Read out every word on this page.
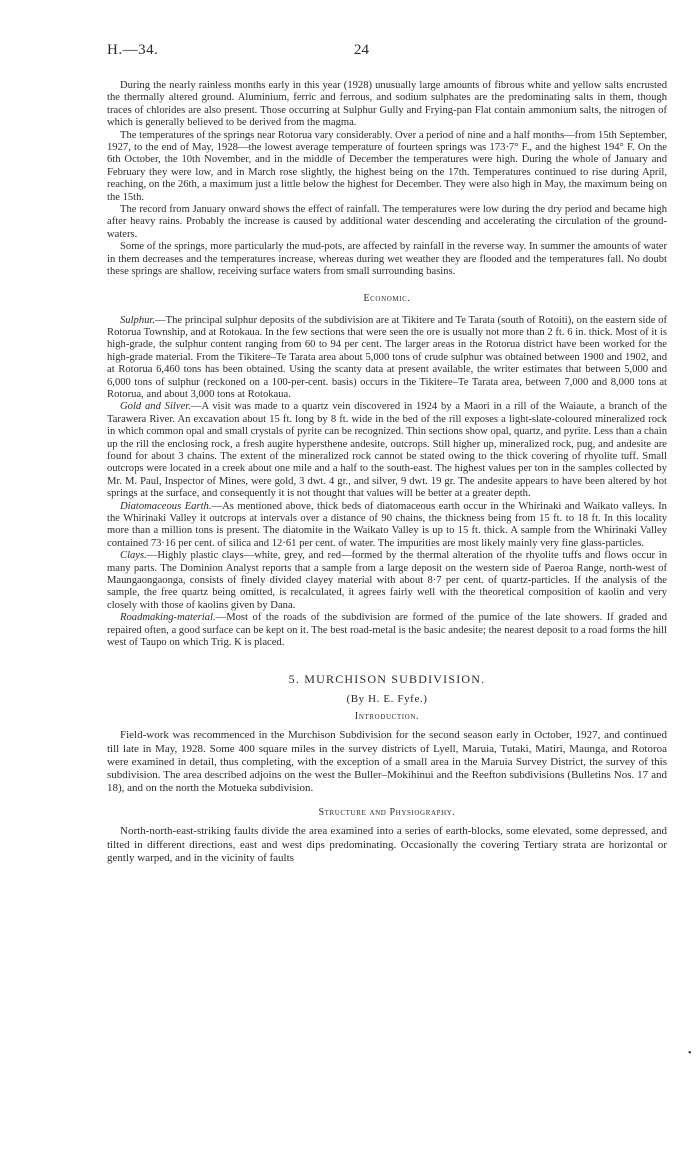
H.—34.	24

During the nearly rainless months early in this year (1928) unusually large amounts of fibrous white and yellow salts encrusted the thermally altered ground. Aluminium, ferric and ferrous, and sodium sulphates are the predominating salts in them, though traces of chlorides are also present. Those occurring at Sulphur Gully and Frying-pan Flat contain ammonium salts, the nitrogen of which is generally believed to be derived from the magma.

The temperatures of the springs near Rotorua vary considerably. Over a period of nine and a half months—from 15th September, 1927, to the end of May, 1928—the lowest average temperature of fourteen springs was 173·7° F., and the highest 194° F. On the 6th October, the 10th November, and in the middle of December the temperatures were high. During the whole of January and February they were low, and in March rose slightly, the highest being on the 17th. Temperatures continued to rise during April, reaching, on the 26th, a maximum just a little below the highest for December. They were also high in May, the maximum being on the 15th.

The record from January onward shows the effect of rainfall. The temperatures were low during the dry period and became high after heavy rains. Probably the increase is caused by additional water descending and accelerating the circulation of the ground-waters.

Some of the springs, more particularly the mud-pots, are affected by rainfall in the reverse way. In summer the amounts of water in them decreases and the temperatures increase, whereas during wet weather they are flooded and the temperatures fall. No doubt these springs are shallow, receiving surface waters from small surrounding basins.

Economic.

Sulphur.—The principal sulphur deposits of the subdivision are at Tikitere and Te Tarata (south of Rotoiti), on the eastern side of Rotorua Township, and at Rotokaua. In the few sections that were seen the ore is usually not more than 2 ft. 6 in. thick. Most of it is high-grade, the sulphur content ranging from 60 to 94 per cent. The larger areas in the Rotorua district have been worked for the high-grade material. From the Tikitere–Te Tarata area about 5,000 tons of crude sulphur was obtained between 1900 and 1902, and at Rotorua 6,460 tons has been obtained. Using the scanty data at present available, the writer estimates that between 5,000 and 6,000 tons of sulphur (reckoned on a 100-per-cent. basis) occurs in the Tikitere–Te Tarata area, between 7,000 and 8,000 tons at Rotorua, and about 3,000 tons at Rotokaua.

Gold and Silver.—A visit was made to a quartz vein discovered in 1924 by a Maori in a rill of the Waiaute, a branch of the Tarawera River. An excavation about 15 ft. long by 8 ft. wide in the bed of the rill exposes a light-slate-coloured mineralized rock in which common opal and small crystals of pyrite can be recognized. Thin sections show opal, quartz, and pyrite. Less than a chain up the rill the enclosing rock, a fresh augite hypersthene andesite, outcrops. Still higher up, mineralized rock, pug, and andesite are found for about 3 chains. The extent of the mineralized rock cannot be stated owing to the thick covering of rhyolite tuff. Small outcrops were located in a creek about one mile and a half to the south-east. The highest values per ton in the samples collected by Mr. M. Paul, Inspector of Mines, were gold, 3 dwt. 4 gr., and silver, 9 dwt. 19 gr. The andesite appears to have been altered by hot springs at the surface, and consequently it is not thought that values will be better at a greater depth.

Diatomaceous Earth.—As mentioned above, thick beds of diatomaceous earth occur in the Whirinaki and Waikato valleys. In the Whirinaki Valley it outcrops at intervals over a distance of 90 chains, the thickness being from 15 ft. to 18 ft. In this locality more than a million tons is present. The diatomite in the Waikato Valley is up to 15 ft. thick. A sample from the Whirinaki Valley contained 73·16 per cent. of silica and 12·61 per cent. of water. The impurities are most likely mainly very fine glass-particles.

Clays.—Highly plastic clays—white, grey, and red—formed by the thermal alteration of the rhyolite tuffs and flows occur in many parts. The Dominion Analyst reports that a sample from a large deposit on the western side of Paeroa Range, north-west of Maungaongaonga, consists of finely divided clayey material with about 8·7 per cent. of quartz-particles. If the analysis of the sample, the free quartz being omitted, is recalculated, it agrees fairly well with the theoretical composition of kaolin and very closely with those of kaolins given by Dana.

Roadmaking-material.—Most of the roads of the subdivision are formed of the pumice of the late showers. If graded and repaired often, a good surface can be kept on it. The best road-metal is the basic andesite; the nearest deposit to a road forms the hill west of Taupo on which Trig. K is placed.

5. MURCHISON SUBDIVISION.

(By H. E. Fyfe.)

Introduction.

Field-work was recommenced in the Murchison Subdivision for the second season early in October, 1927, and continued till late in May, 1928. Some 400 square miles in the survey districts of Lyell, Maruia, Tutaki, Matiri, Maunga, and Rotoroa were examined in detail, thus completing, with the exception of a small area in the Maruia Survey District, the survey of this subdivision. The area described adjoins on the west the Buller–Mokihinui and the Reefton subdivisions (Bulletins Nos. 17 and 18), and on the north the Motueka subdivision.

Structure and Physiography.

North-north-east-striking faults divide the area examined into a series of earth-blocks, some elevated, some depressed, and tilted in different directions, east and west dips predominating. Occasionally the covering Tertiary strata are horizontal or gently warped, and in the vicinity of faults

•
